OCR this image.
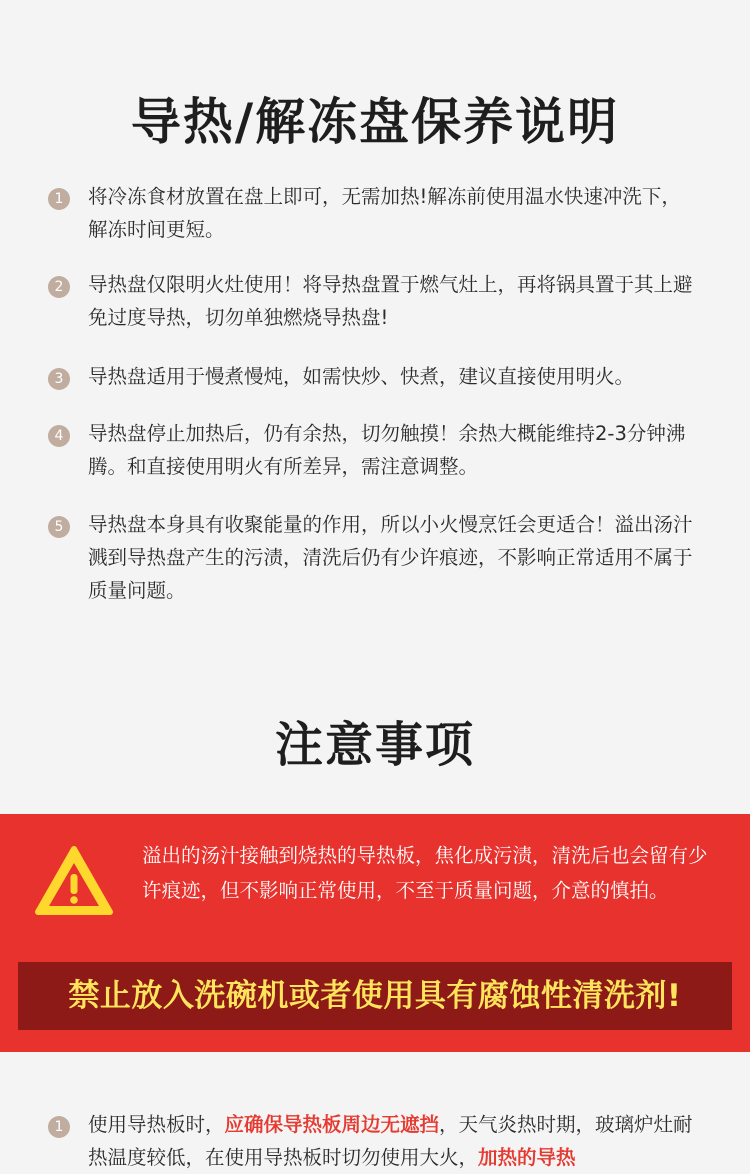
导热/解冻盘保养说明
1	将冷冻食材放置在盘上即可，无需加热!解冻前使用温水快速冲洗下，解冻时间更短。
2	导热盘仅限明火灶使用！将导热盘置于燃气灶上，再将锅具置于其上避免过度导热，切勿单独燃烧导热盘!
3	导热盘适用于慢煮慢炖，如需快炒、快煮，建议直接使用明火。
4	导热盘停止加热后，仍有余热，切勿触摸！余热大概能维持2-3分钟沸腾。和直接使用明火有所差异，需注意调整。
5	导热盘本身具有收聚能量的作用，所以小火慢烹饪会更适合！溢出汤汁溅到导热盘产生的污渍，清洗后仍有少许痕迹，不影响正常适用不属于质量问题。
注意事项
溢出的汤汁接触到烧热的导热板，焦化成污渍，清洗后也会留有少许痕迹，但不影响正常使用，不至于质量问题，介意的慎拍。
禁止放入洗碗机或者使用具有腐蚀性清洗剂!
1	使用导热板时，应确保导热板周边无遮挡，天气炎热时期，玻璃炉灶耐热温度较低，在使用导热板时切勿使用大火，加热的导热
